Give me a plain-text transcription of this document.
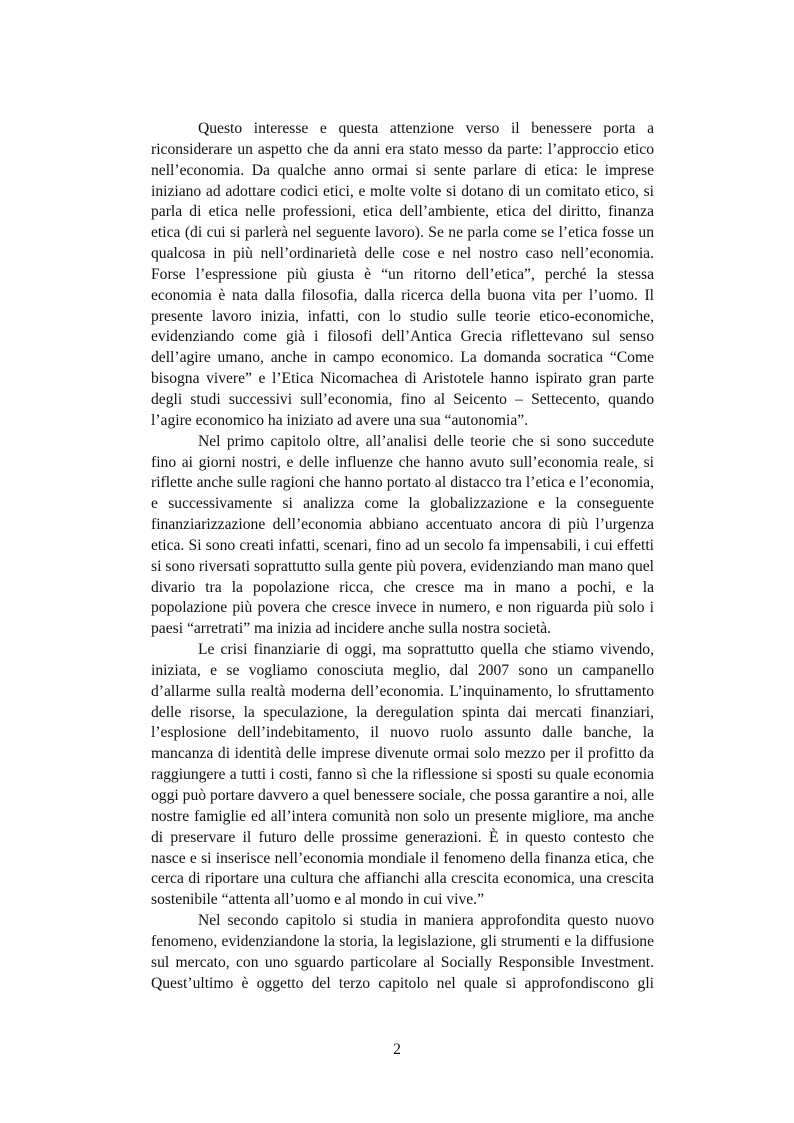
Questo interesse e questa attenzione verso il benessere porta a riconsiderare un aspetto che da anni era stato messo da parte: l’approccio etico nell’economia. Da qualche anno ormai si sente parlare di etica: le imprese iniziano ad adottare codici etici, e molte volte si dotano di un comitato etico, si parla di etica nelle professioni, etica dell’ambiente, etica del diritto, finanza etica (di cui si parlerà nel seguente lavoro). Se ne parla come se l’etica fosse un qualcosa in più nell’ordinarietà delle cose e nel nostro caso nell’economia. Forse l’espressione più giusta è “un ritorno dell’etica”, perché la stessa economia è nata dalla filosofia, dalla ricerca della buona vita per l’uomo. Il presente lavoro inizia, infatti, con lo studio sulle teorie etico-economiche, evidenziando come già i filosofi dell’Antica Grecia riflettevano sul senso dell’agire umano, anche in campo economico. La domanda socratica “Come bisogna vivere” e l’Etica Nicomachea di Aristotele hanno ispirato gran parte degli studi successivi sull’economia, fino al Seicento – Settecento, quando l’agire economico ha iniziato ad avere una sua “autonomia”.

Nel primo capitolo oltre, all’analisi delle teorie che si sono succedute fino ai giorni nostri, e delle influenze che hanno avuto sull’economia reale, si riflette anche sulle ragioni che hanno portato al distacco tra l’etica e l’economia, e successivamente si analizza come la globalizzazione e la conseguente finanziarizzazione dell’economia abbiano accentuato ancora di più l’urgenza etica. Si sono creati infatti, scenari, fino ad un secolo fa impensabili, i cui effetti si sono riversati soprattutto sulla gente più povera, evidenziando man mano quel divario tra la popolazione ricca, che cresce ma in mano a pochi, e la popolazione più povera che cresce invece in numero, e non riguarda più solo i paesi “arretrati” ma inizia ad incidere anche sulla nostra società.

Le crisi finanziarie di oggi, ma soprattutto quella che stiamo vivendo, iniziata, e se vogliamo conosciuta meglio, dal 2007 sono un campanello d’allarme sulla realtà moderna dell’economia. L’inquinamento, lo sfruttamento delle risorse, la speculazione, la deregulation spinta dai mercati finanziari, l’esplosione dell’indebitamento, il nuovo ruolo assunto dalle banche, la mancanza di identità delle imprese divenute ormai solo mezzo per il profitto da raggiungere a tutti i costi, fanno sì che la riflessione si sposti su quale economia oggi può portare davvero a quel benessere sociale, che possa garantire a noi, alle nostre famiglie ed all’intera comunità non solo un presente migliore, ma anche di preservare il futuro delle prossime generazioni. È in questo contesto che nasce e si inserisce nell’economia mondiale il fenomeno della finanza etica, che cerca di riportare una cultura che affianchi alla crescita economica, una crescita sostenibile “attenta all’uomo e al mondo in cui vive.”

Nel secondo capitolo si studia in maniera approfondita questo nuovo fenomeno, evidenziandone la storia, la legislazione, gli strumenti e la diffusione sul mercato, con uno sguardo particolare al Socially Responsible Investment. Quest’ultimo è oggetto del terzo capitolo nel quale si approfondiscono gli

2
